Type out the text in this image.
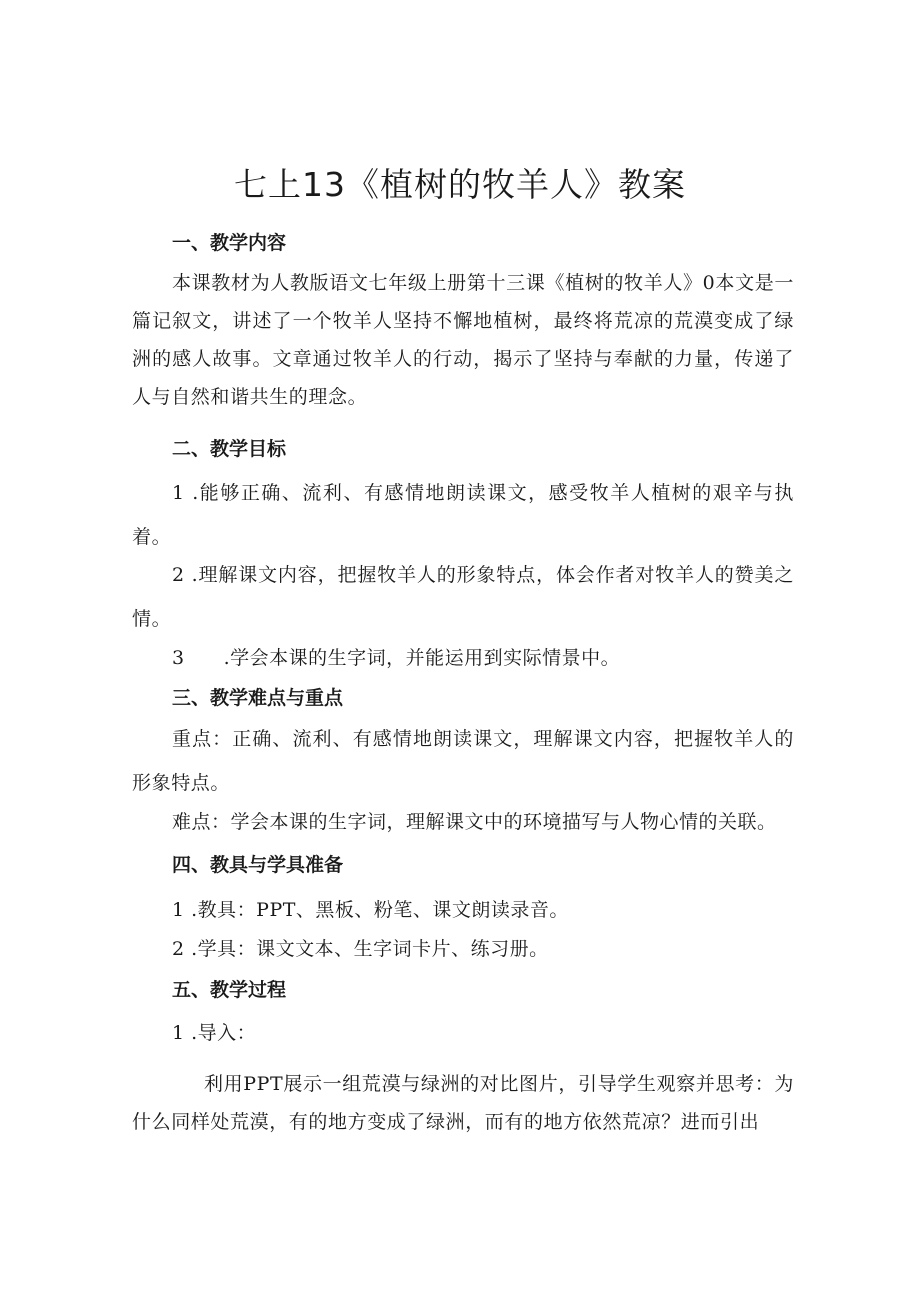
七上13《植树的牧羊人》教案
一、教学内容

本课教材为人教版语文七年级上册第十三课《植树的牧羊人》0本文是一篇记叙文，讲述了一个牧羊人坚持不懈地植树，最终将荒凉的荒漠变成了绿洲的感人故事。文章通过牧羊人的行动，揭示了坚持与奉献的力量，传递了人与自然和谐共生的理念。

二、教学目标

1 .能够正确、流利、有感情地朗读课文，感受牧羊人植树的艰辛与执着。

2 .理解课文内容，把握牧羊人的形象特点，体会作者对牧羊人的赞美之情。

3　　.学会本课的生字词，并能运用到实际情景中。
三、教学难点与重点

重点：正确、流利、有感情地朗读课文，理解课文内容，把握牧羊人的形象特点。

难点：学会本课的生字词，理解课文中的环境描写与人物心情的关联。
四、教具与学具准备
1 .教具：PPT、黑板、粉笔、课文朗读录音。
2 .学具：课文文本、生字词卡片、练习册。
五、教学过程
1 .导入：

利用PPT展示一组荒漠与绿洲的对比图片，引导学生观察并思考：为什么同样处荒漠，有的地方变成了绿洲，而有的地方依然荒凉？进而引出
